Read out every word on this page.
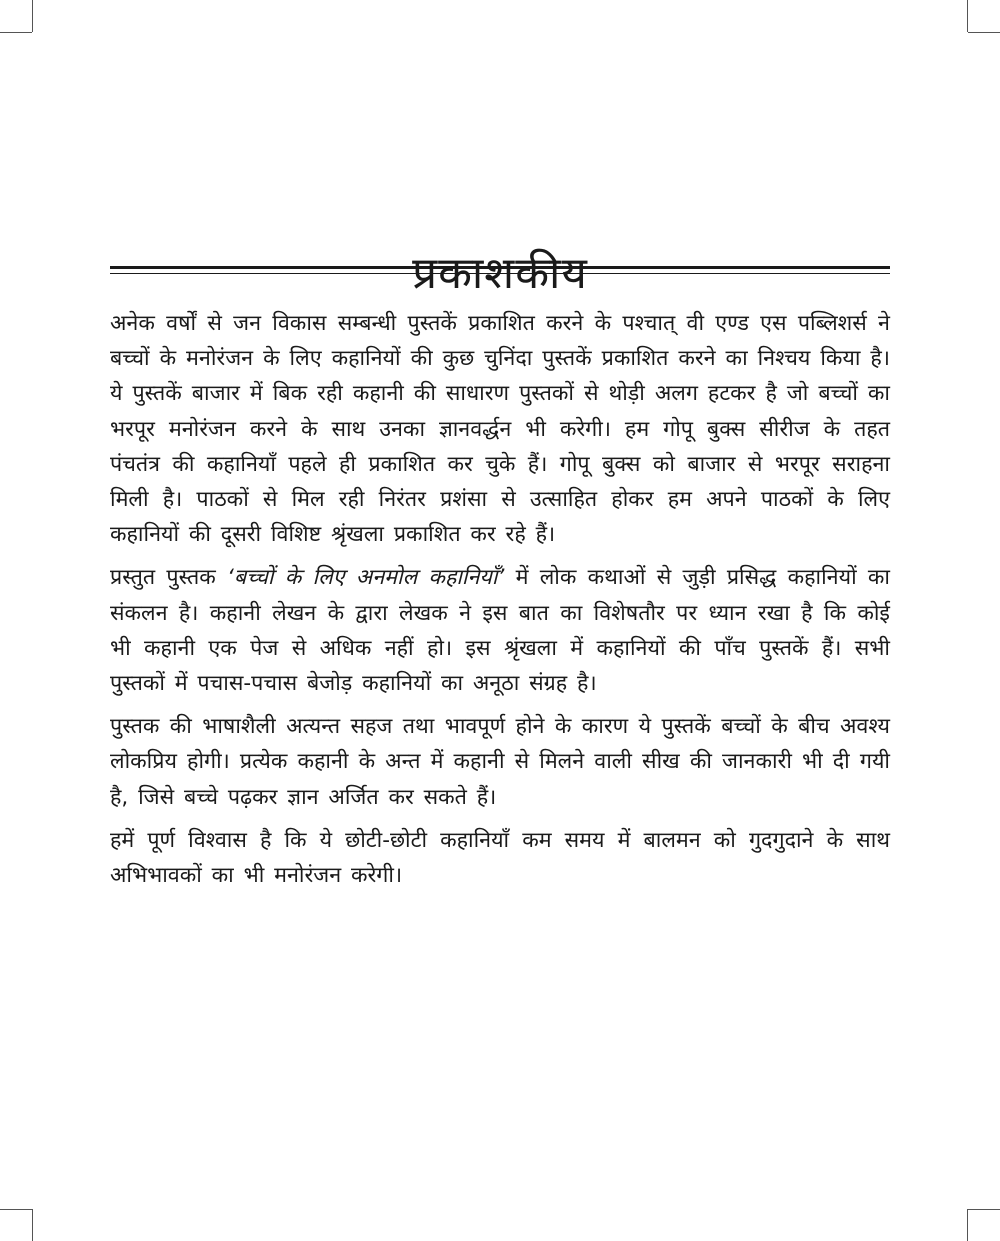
अनेक वर्षों से जन विकास सम्बन्धी पुस्तकें प्रकाशित करने के पश्चात् वी एण्ड एस पब्लिशर्स ने बच्चों के मनोरंजन के लिए कहानियों की कुछ चुनिंदा पुस्तकें प्रकाशित करने का निश्चय किया है। ये पुस्तकें बाजार में बिक रही कहानी की साधारण पुस्तकों से थोड़ी अलग हटकर है जो बच्चों का भरपूर मनोरंजन करने के साथ उनका ज्ञानवर्द्धन भी करेगी। हम गोपू बुक्स सीरीज के तहत पंचतंत्र की कहानियाँ पहले ही प्रकाशित कर चुके हैं। गोपू बुक्स को बाजार से भरपूर सराहना मिली है। पाठकों से मिल रही निरंतर प्रशंसा से उत्साहित होकर हम अपने पाठकों के लिए कहानियों की दूसरी विशिष्ट श्रृंखला प्रकाशित कर रहे हैं।

प्रस्तुत पुस्तक ‘बच्चों के लिए अनमोल कहानियाँ’ में लोक कथाओं से जुड़ी प्रसिद्ध कहानियों का संकलन है। कहानी लेखन के द्वारा लेखक ने इस बात का विशेषतौर पर ध्यान रखा है कि कोई भी कहानी एक पेज से अधिक नहीं हो। इस श्रृंखला में कहानियों की पाँच पुस्तकें हैं। सभी पुस्तकों में पचास-पचास बेजोड़ कहानियों का अनूठा संग्रह है।

पुस्तक की भाषाशैली अत्यन्त सहज तथा भावपूर्ण होने के कारण ये पुस्तकें बच्चों के बीच अवश्य लोकप्रिय होगी। प्रत्येक कहानी के अन्त में कहानी से मिलने वाली सीख की जानकारी भी दी गयी है, जिसे बच्चे पढ़कर ज्ञान अर्जित कर सकते हैं।

हमें पूर्ण विश्वास है कि ये छोटी-छोटी कहानियाँ कम समय में बालमन को गुदगुदाने के साथ अभिभावकों का भी मनोरंजन करेगी।
